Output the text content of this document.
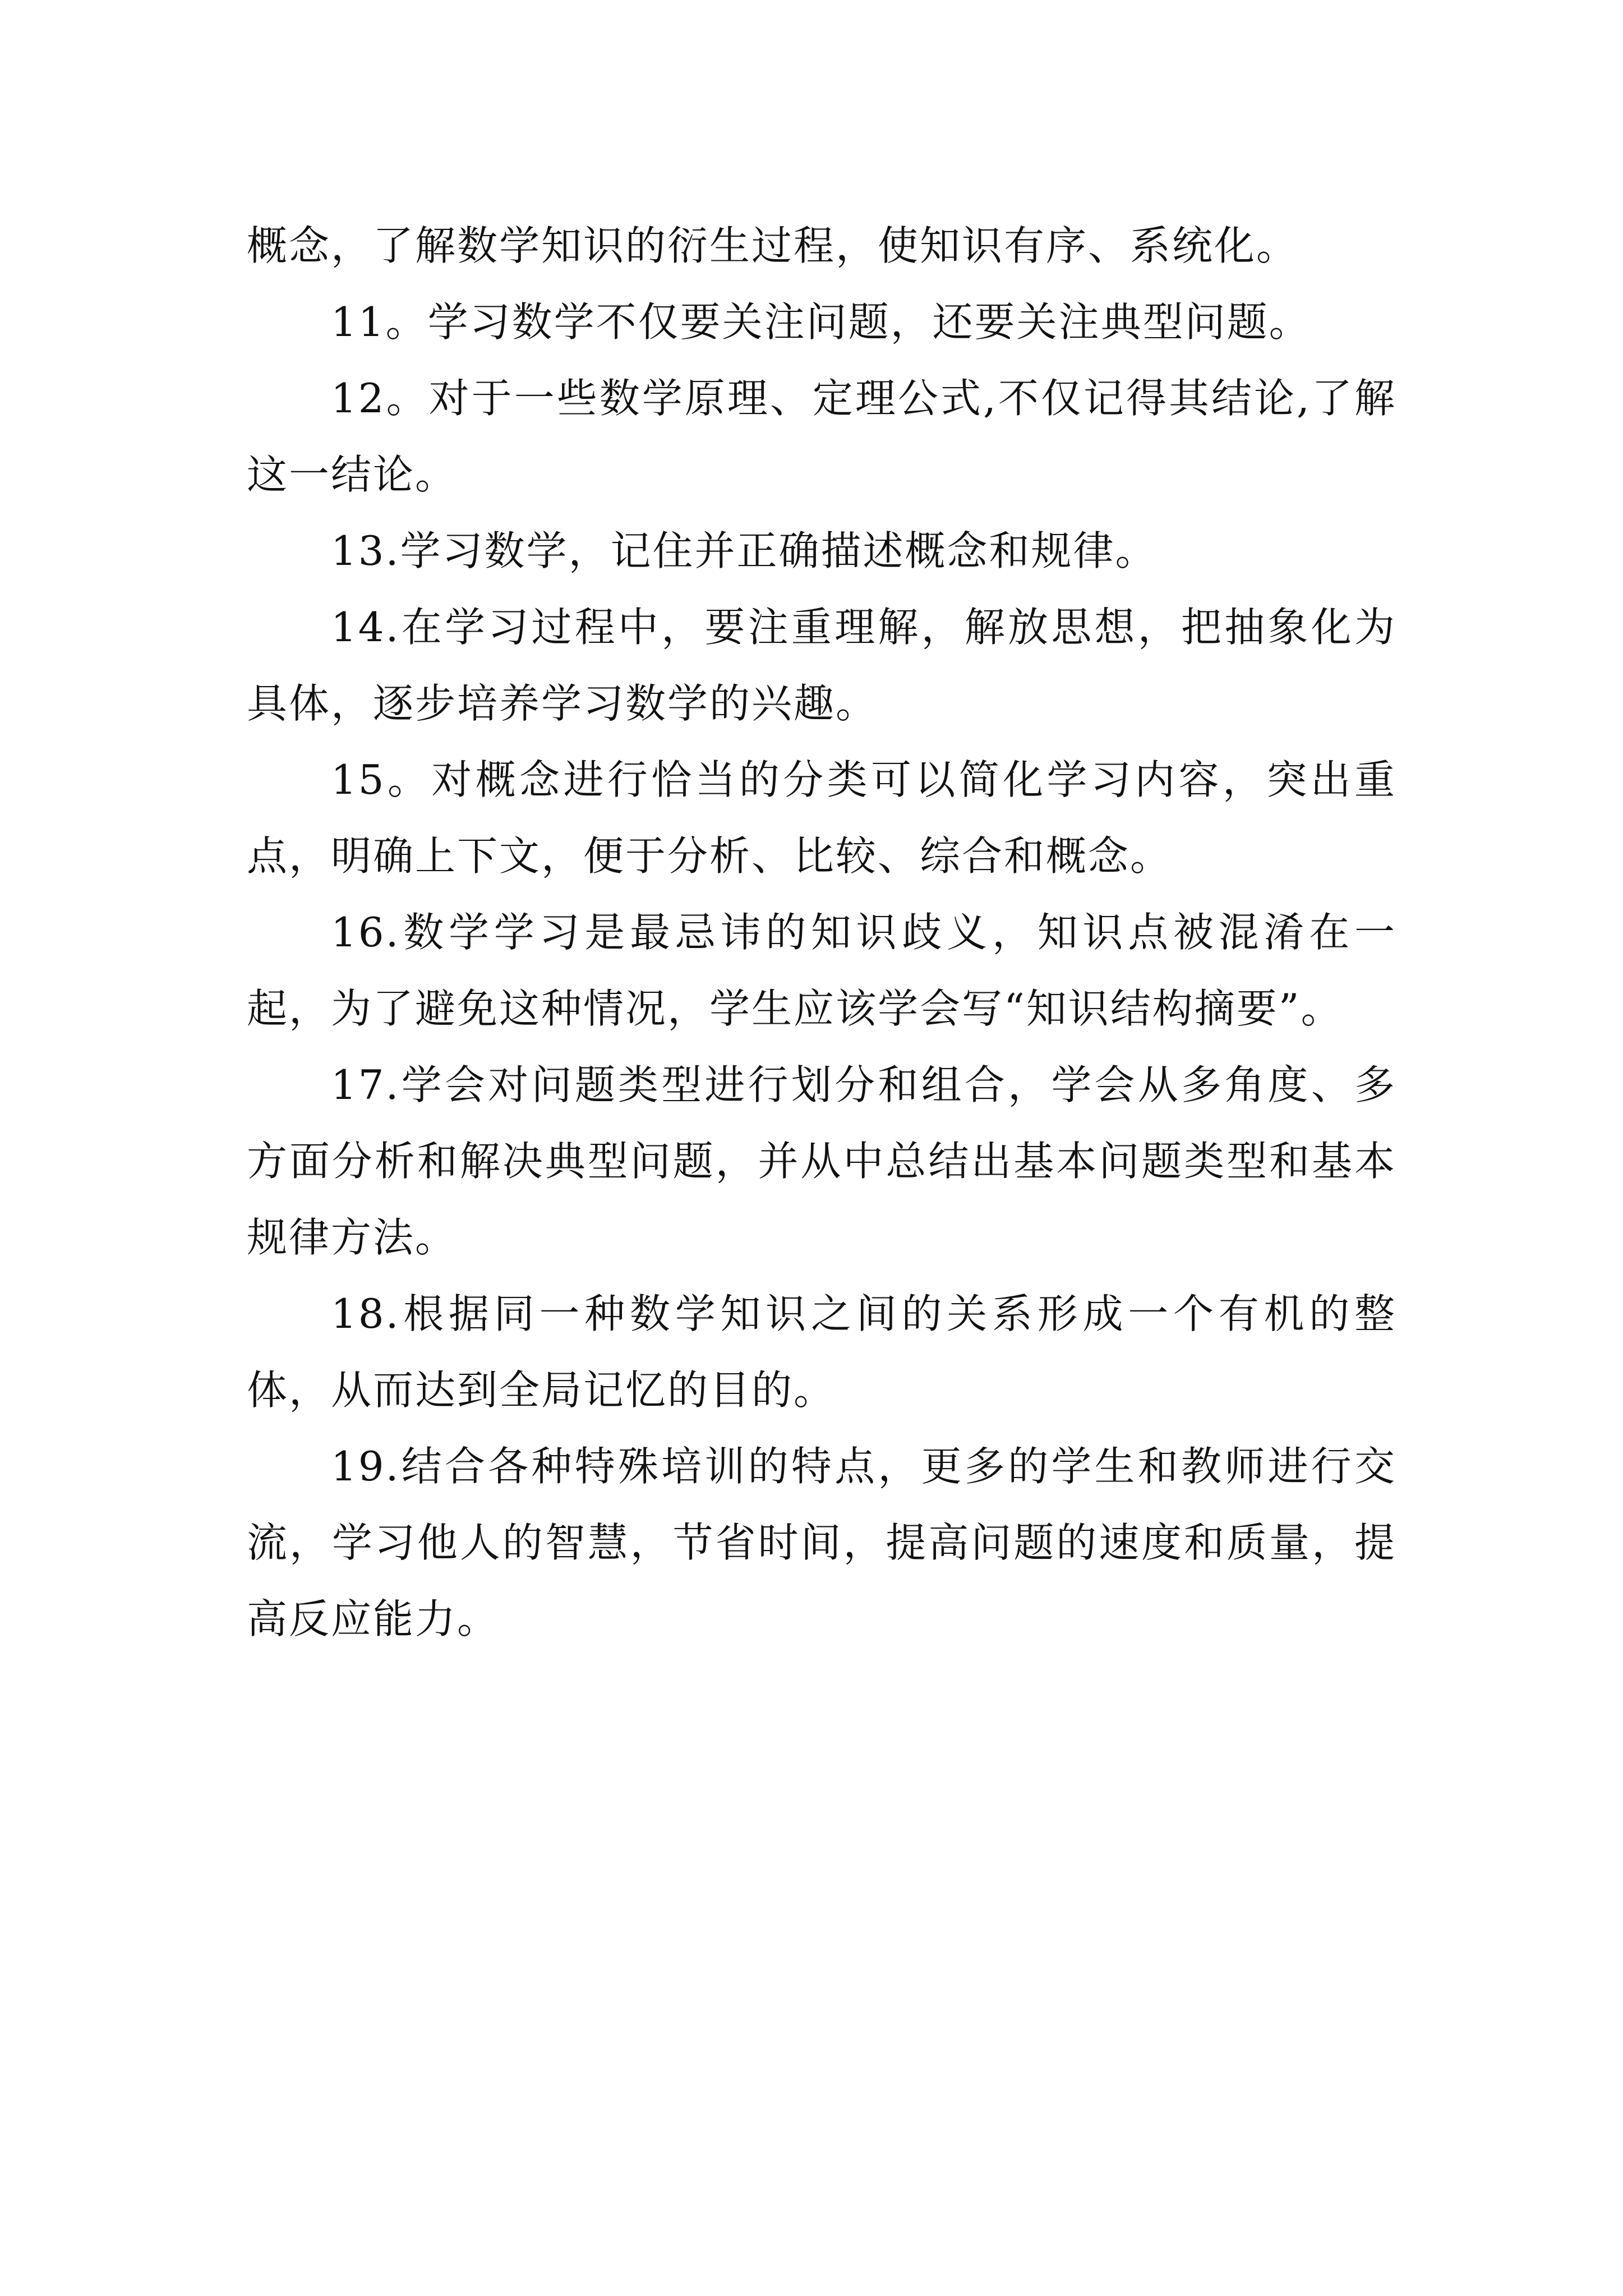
概念，了解数学知识的衍生过程，使知识有序、系统化。

11。学习数学不仅要关注问题，还要关注典型问题。

12。对于一些数学原理、定理公式,不仅记得其结论,了解这一结论。

13.学习数学，记住并正确描述概念和规律。

14.在学习过程中，要注重理解，解放思想，把抽象化为具体，逐步培养学习数学的兴趣。

15。对概念进行恰当的分类可以简化学习内容，突出重点，明确上下文，便于分析、比较、综合和概念。

16.数学学习是最忌讳的知识歧义，知识点被混淆在一起，为了避免这种情况，学生应该学会写“知识结构摘要”。

17.学会对问题类型进行划分和组合，学会从多角度、多方面分析和解决典型问题，并从中总结出基本问题类型和基本规律方法。

18.根据同一种数学知识之间的关系形成一个有机的整体，从而达到全局记忆的目的。

19.结合各种特殊培训的特点，更多的学生和教师进行交流，学习他人的智慧，节省时间，提高问题的速度和质量，提高反应能力。
